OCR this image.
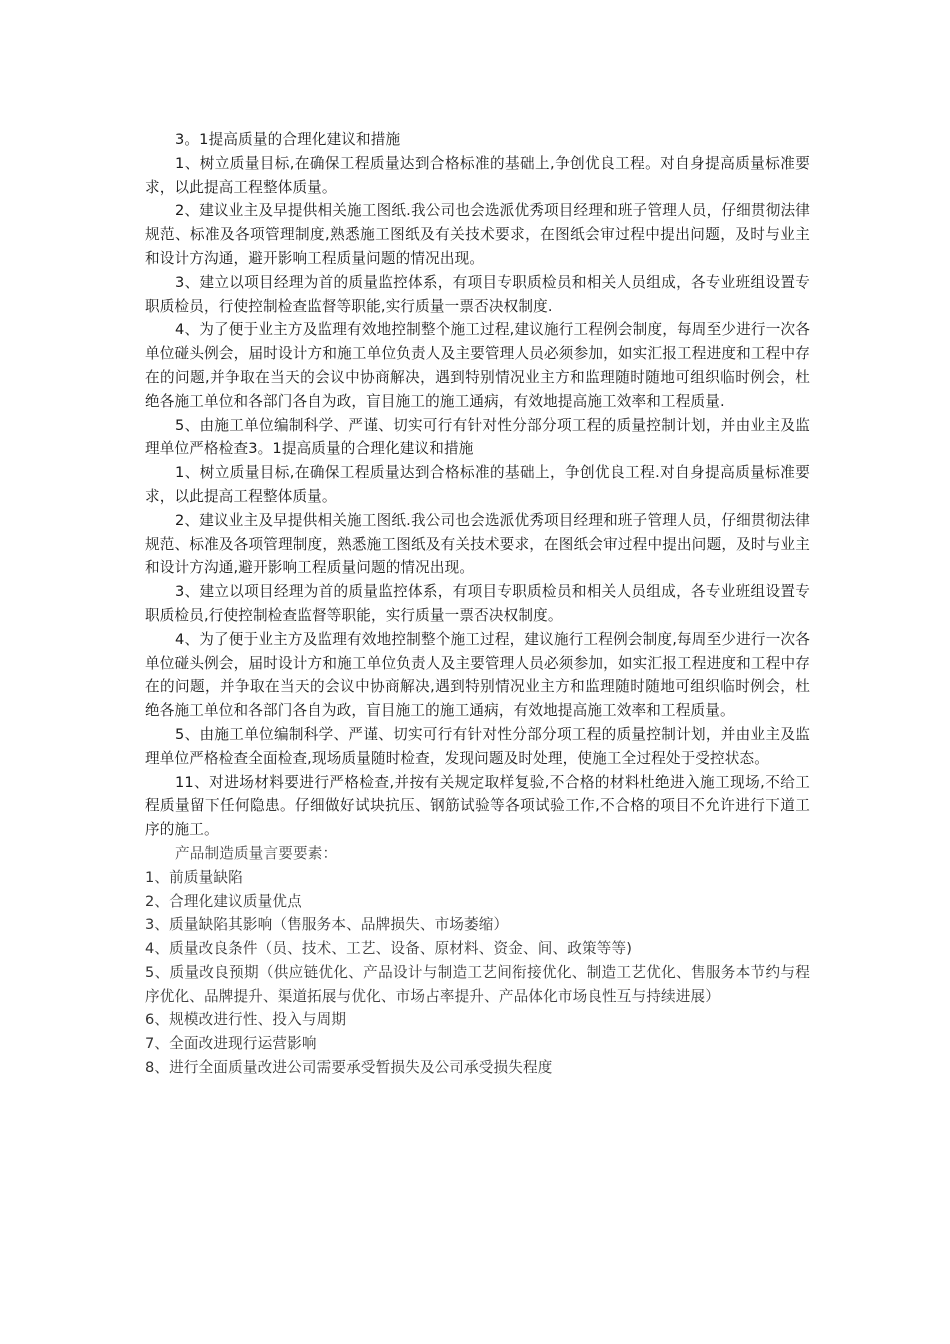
3。1提高质量的合理化建议和措施

1、树立质量目标,在确保工程质量达到合格标准的基础上,争创优良工程。对自身提高质量标准要求，以此提高工程整体质量。

2、建议业主及早提供相关施工图纸.我公司也会选派优秀项目经理和班子管理人员，仔细贯彻法律规范、标准及各项管理制度,熟悉施工图纸及有关技术要求，在图纸会审过程中提出问题，及时与业主和设计方沟通，避开影响工程质量问题的情况出现。

3、建立以项目经理为首的质量监控体系，有项目专职质检员和相关人员组成，各专业班组设置专职质检员，行使控制检查监督等职能,实行质量一票否决权制度.

4、为了便于业主方及监理有效地控制整个施工过程,建议施行工程例会制度，每周至少进行一次各单位碰头例会，届时设计方和施工单位负责人及主要管理人员必须参加，如实汇报工程进度和工程中存在的问题,并争取在当天的会议中协商解决，遇到特别情况业主方和监理随时随地可组织临时例会，杜绝各施工单位和各部门各自为政，盲目施工的施工通病，有效地提高施工效率和工程质量.

5、由施工单位编制科学、严谨、切实可行有针对性分部分项工程的质量控制计划，并由业主及监理单位严格检查3。1提高质量的合理化建议和措施

1、树立质量目标,在确保工程质量达到合格标准的基础上，争创优良工程.对自身提高质量标准要求，以此提高工程整体质量。

2、建议业主及早提供相关施工图纸.我公司也会选派优秀项目经理和班子管理人员，仔细贯彻法律规范、标准及各项管理制度，熟悉施工图纸及有关技术要求，在图纸会审过程中提出问题，及时与业主和设计方沟通,避开影响工程质量问题的情况出现。

3、建立以项目经理为首的质量监控体系，有项目专职质检员和相关人员组成，各专业班组设置专职质检员,行使控制检查监督等职能，实行质量一票否决权制度。

4、为了便于业主方及监理有效地控制整个施工过程，建议施行工程例会制度,每周至少进行一次各单位碰头例会，届时设计方和施工单位负责人及主要管理人员必须参加，如实汇报工程进度和工程中存在的问题，并争取在当天的会议中协商解决,遇到特别情况业主方和监理随时随地可组织临时例会，杜绝各施工单位和各部门各自为政，盲目施工的施工通病，有效地提高施工效率和工程质量。

5、由施工单位编制科学、严谨、切实可行有针对性分部分项工程的质量控制计划，并由业主及监理单位严格检查全面检查,现场质量随时检查，发现问题及时处理，使施工全过程处于受控状态。

11、对进场材料要进行严格检查,并按有关规定取样复验,不合格的材料杜绝进入施工现场,不给工程质量留下任何隐患。仔细做好试块抗压、钢筋试验等各项试验工作,不合格的项目不允许进行下道工序的施工。

产品制造质量言要要素：

1、前质量缺陷

2、合理化建议质量优点

3、质量缺陷其影响（售服务本、品牌损失、市场萎缩）

4、质量改良条件（员、技术、工艺、设备、原材料、资金、间、政策等等)

5、质量改良预期（供应链优化、产品设计与制造工艺间衔接优化、制造工艺优化、售服务本节约与程序优化、品牌提升、渠道拓展与优化、市场占率提升、产品体化市场良性互与持续进展）

6、规模改进行性、投入与周期

7、全面改进现行运营影响

8、进行全面质量改进公司需要承受暂损失及公司承受损失程度
